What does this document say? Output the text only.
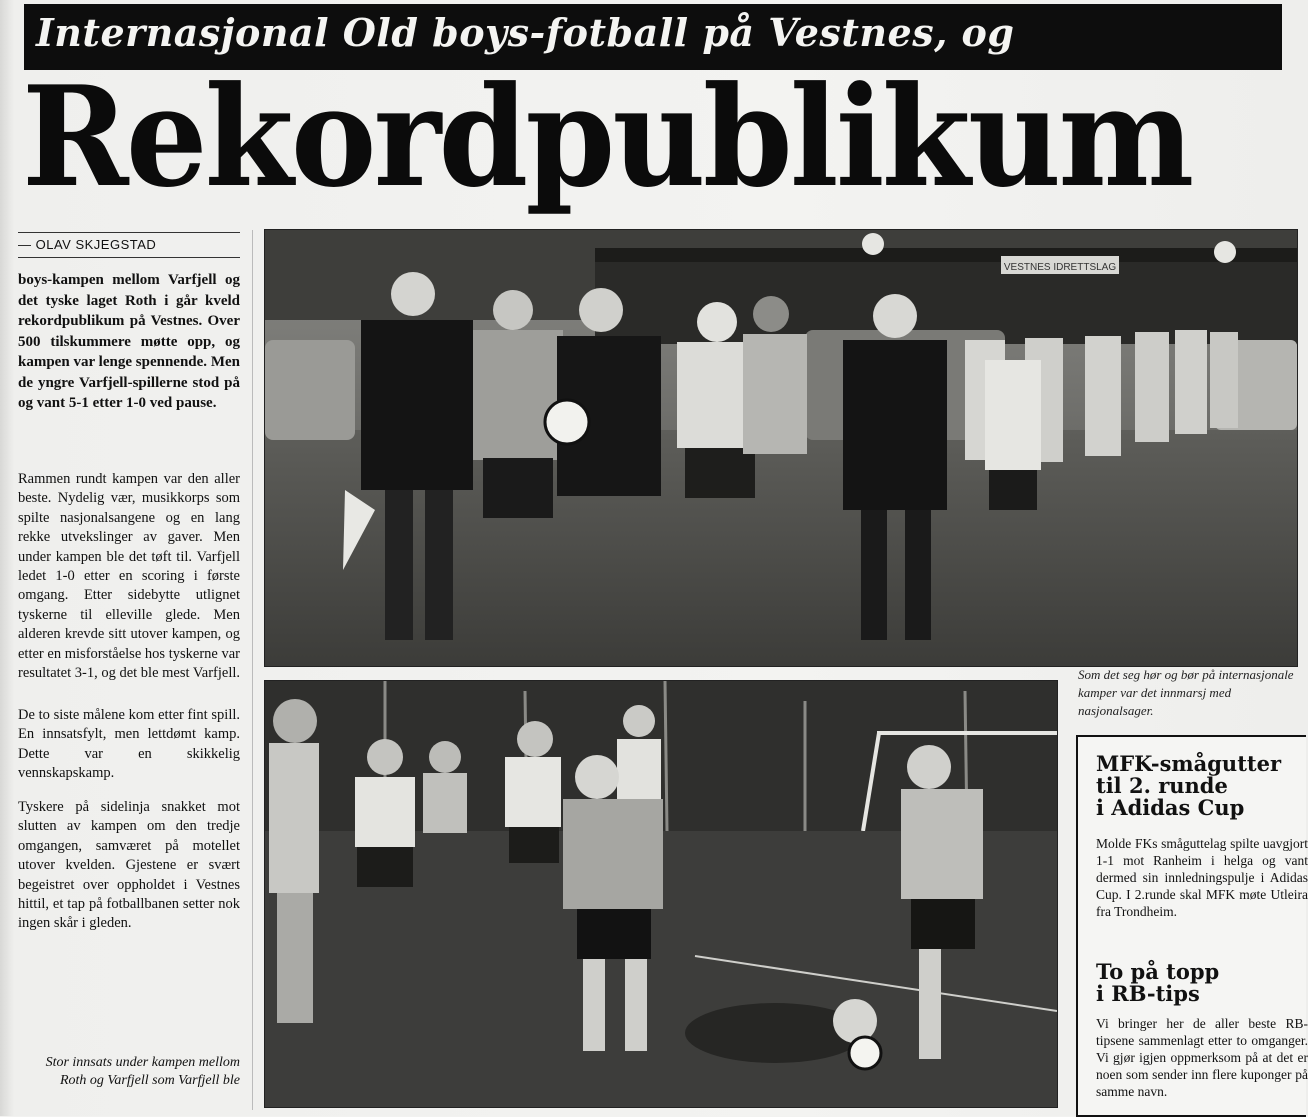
Internasjonal Old boys-fotball på Vestnes, og
Rekordpublikum
— OLAV SKJEGSTAD

boys-kampen mellom Varfjell og det tyske laget Roth i går kveld rekordpublikum på Vestnes. Over 500 tilskummere møtte opp, og kampen var lenge spennende. Men de yngre Varfjell-spillerne stod på og vant 5-1 etter 1-0 ved pause.

Rammen rundt kampen var den aller beste. Nydelig vær, musikkorps som spilte nasjonalsangene og en lang rekke utvekslinger av gaver. Men under kampen ble det tøft til. Varfjell ledet 1-0 etter en scoring i første omgang. Etter sidebytte utlignet tyskerne til elleville glede. Men alderen krevde sitt utover kampen, og etter en misforståelse hos tyskerne var resultatet 3-1, og det ble mest Varfjell.

De to siste målene kom etter fint spill. En innsatsfylt, men lettdømt kamp. Dette var en skikkelig vennskapskamp.

Tyskere på sidelinja snakket mot slutten av kampen om den tredje omgangen, samværet på motellet utover kvelden. Gjestene er svært begeistret over oppholdet i Vestnes hittil, et tap på fotballbanen setter nok ingen skår i gleden.

Stor innsats under kampen mellom Roth og Varfjell som Varfjell ble
VESTNES IDRETTSLAG
Som det seg hør og bør på internasjonale kamper var det innmarsj med nasjonalsager.
MFK-smågutter
til 2. runde
i Adidas Cup
Molde FKs småguttelag spilte uavgjort 1-1 mot Ranheim i helga og vant dermed sin innledningspulje i Adidas Cup. I 2.runde skal MFK møte Utleira fra Trondheim.
To på topp
i RB-tips
Vi bringer her de aller beste RB-tipsene sammenlagt etter to omganger. Vi gjør igjen oppmerksom på at det er noen som sender inn flere kuponger på samme navn.
